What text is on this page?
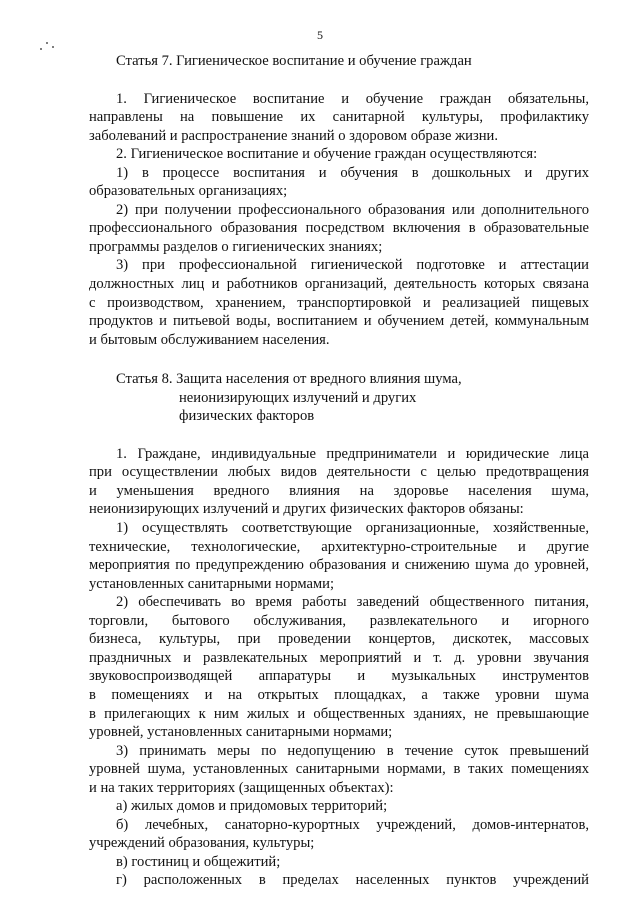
5

Статья 7. Гигиеническое воспитание и обучение граждан

1. Гигиеническое воспитание и обучение граждан обязательны,

направлены на повышение их санитарной культуры, профилактику

заболеваний и распространение знаний о здоровом образе жизни.

2. Гигиеническое воспитание и обучение граждан осуществляются:

1) в процессе воспитания и обучения в дошкольных и других

образовательных организациях;

2) при получении профессионального образования или дополнительного

профессионального образования посредством включения в образовательные

программы разделов о гигиенических знаниях;

3) при профессиональной гигиенической подготовке и аттестации

должностных лиц и работников организаций, деятельность которых связана

с производством, хранением, транспортировкой и реализацией пищевых

продуктов и питьевой воды, воспитанием и обучением детей, коммунальным

и бытовым обслуживанием населения.

Статья 8. Защита населения от вредного влияния шума,

неионизирующих излучений и других

физических факторов

1. Граждане, индивидуальные предприниматели и юридические лица

при осуществлении любых видов деятельности с целью предотвращения

и уменьшения вредного влияния на здоровье населения шума,

неионизирующих излучений и других физических факторов обязаны:

1) осуществлять соответствующие организационные, хозяйственные,

технические, технологические, архитектурно-строительные и другие

мероприятия по предупреждению образования и снижению шума до уровней,

установленных санитарными нормами;

2) обеспечивать во время работы заведений общественного питания,

торговли, бытового обслуживания, развлекательного и игорного

бизнеса, культуры, при проведении концертов, дискотек, массовых

праздничных и развлекательных мероприятий и т. д. уровни звучания

звуковоспроизводящей аппаратуры и музыкальных инструментов

в помещениях и на открытых площадках, а также уровни шума

в прилегающих к ним жилых и общественных зданиях, не превышающие

уровней, установленных санитарными нормами;

3) принимать меры по недопущению в течение суток превышений

уровней шума, установленных санитарными нормами, в таких помещениях

и на таких территориях (защищенных объектах):

а) жилых домов и придомовых территорий;

б) лечебных, санаторно-курортных учреждений, домов-интернатов,

учреждений образования, культуры;

в) гостиниц и общежитий;

г) расположенных в пределах населенных пунктов учреждений
